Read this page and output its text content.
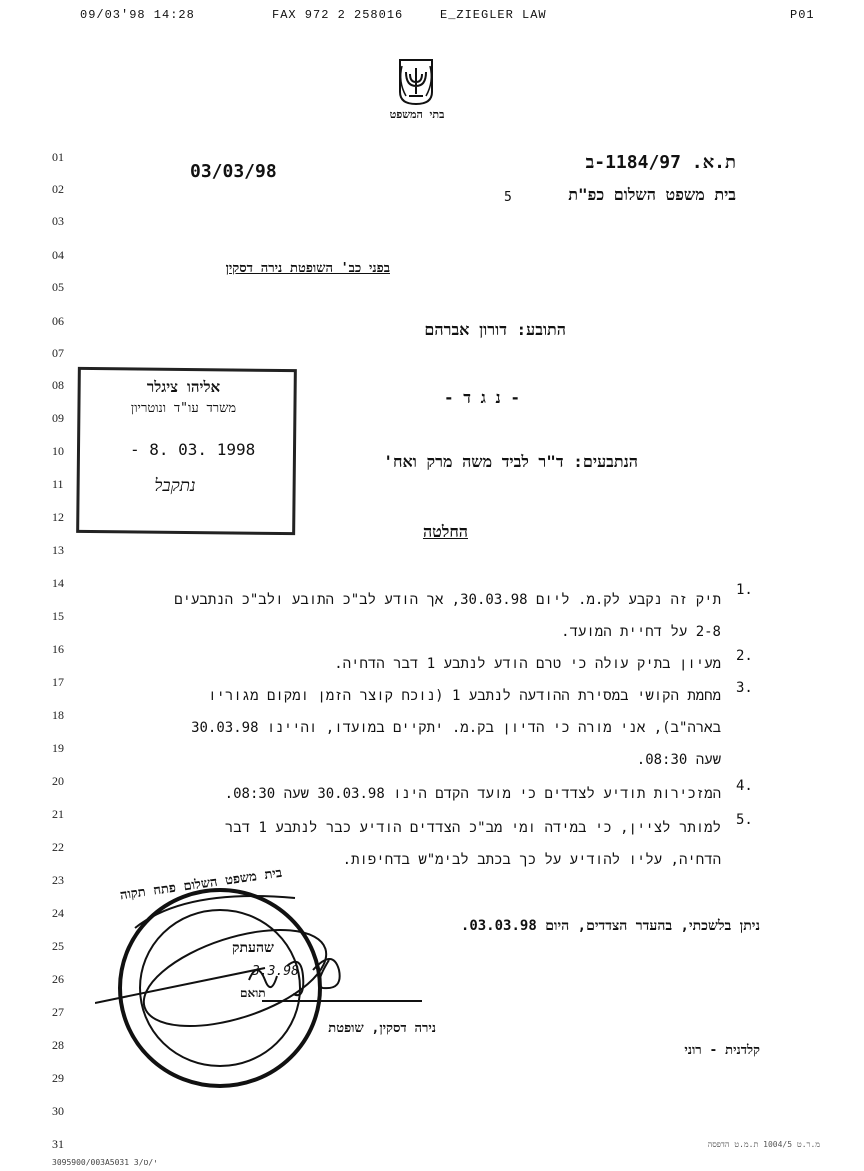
09/03'98 14:28	FAX 972 2 258016	E_ZIEGLER LAW	P01
בתי המשפט
01
02
03
04
05
06
07
08
09
10
11
12
13
14
15
16
17
18
19
20
21
22
23
24
25
26
27
28
29
30
31
03/03/98	ת.א. 1184/97-ב
בית משפט השלום כפ"ת
5
בפני כב' השופטת נירה דסקין
התובע: דורון אברהם
- נ ג ד -
הנתבעים: ד"ר לביד משה מרק ואח'
אליהו ציגלר
משרד עו"ד ונוטריון
- 8. 03. 1998
נתקבל
החלטה
1.
תיק זה נקבע לק.מ. ליום 30.03.98, אך הודע לב"כ התובע ולב"כ הנתבעים
2-8 על דחיית המועד.
2.
מעיון בתיק עולה כי טרם הודע לנתבע 1 דבר הדחיה.
3.
מחמת הקושי במסירת ההודעה לנתבע 1 (נוכח קוצר הזמן ומקום מגוריו
בארה"ב), אני מורה כי הדיון בק.מ. יתקיים במועדו, והיינו 30.03.98
שעה 08:30.
4.
המזכירות תודיע לצדדים כי מועד הקדם הינו 30.03.98 שעה 08:30.
5.
למותר לציין, כי במידה ומי מב"כ הצדדים הודיע כבר לנתבע 1 דבר
הדחיה, עליו להודיע על כך בכתב לבימ"ש בדחיפות.
ניתן בלשכתי, בהעדר הצדדים, היום 03.03.98.
בית משפט השלום פתח תקוה
שהעתק
תואם
3.3.98
נירה דסקין, שופטת
קלדנית - רוני
3095900/003A5031 3/י/ט
מ.ר.ט 1004/5 ת.מ.ט הדפסה
